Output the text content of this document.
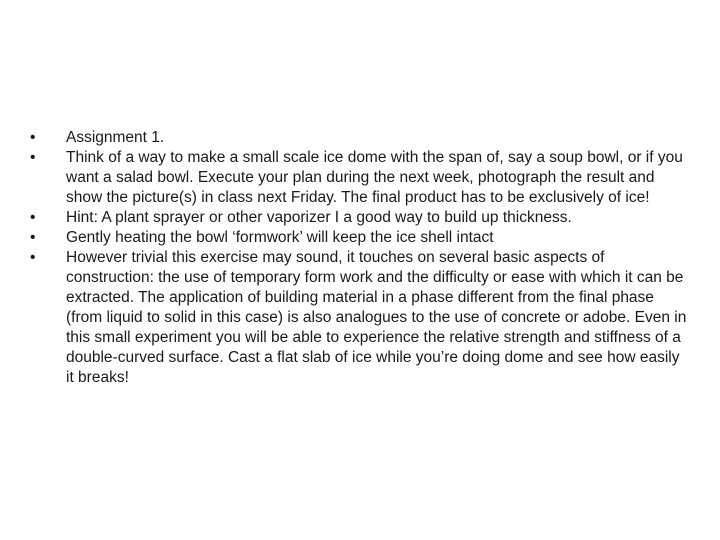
•
Assignment 1.
•
Think of a way to make a small scale ice dome with the span of, say a soup bowl, or if you want a salad bowl. Execute your plan during the next week, photograph the result and show the picture(s) in class next Friday. The final product has to be exclusively of ice!
•
Hint: A plant sprayer or other vaporizer I a good way to build up thickness.
•
Gently heating the bowl ‘formwork’ will keep the ice shell intact
•
However trivial this exercise may sound, it touches on several basic aspects of construction: the use of temporary form work and the difficulty or ease with which it can be extracted. The application of building material in a phase different from the final phase (from liquid to solid in this case) is also analogues to the use of concrete or adobe. Even in this small experiment you will be able to experience the relative strength and stiffness of a double-curved surface. Cast a flat slab of ice while you’re doing dome and see how easily it breaks!
